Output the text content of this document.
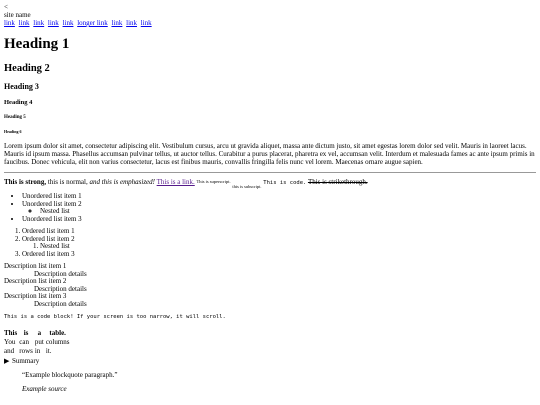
<
site name
link link link link link longer link link link link
Heading 1
Heading 2
Heading 3
Heading 4
Heading 5
Heading 6

Lorem ipsum dolor sit amet, consectetur adipiscing elit. Vestibulum cursus, arcu ut gravida aliquet, massa ante dictum justo, sit amet egestas lorem dolor sed velit. Mauris in laoreet lacus. Mauris id ipsum massa. Phasellus accumsan pulvinar tellus, ut auctor tellus. Curabitur a purus placerat, pharetra ex vel, accumsan velit. Interdum et malesuada fames ac ante ipsum primis in faucibus. Donec vehicula, elit non varius consectetur, lacus est finibus mauris, convallis fringilla felis nunc vel lorem. Maecenas ornare augue sapien.

This is strong, this is normal, and this is emphasized! This is a link. $^{This is superscript.}$ $_{this is subscript.}$ This is code. This is strikethrough.

• Unordered list item 1
• Unordered list item 2
◦ Nested list
• Unordered list item 3
1. Ordered list item 1
2. Ordered list item 2
1. Nested list
3. Ordered list item 3
Description list item 1
Description details
Description list item 2
Description details
Description list item 3
Description details
This is a code block! If your screen is too narrow, it will scroll.
This	is	a	table.
You	can	put	columns
and	rows	in	it.
▶ Summary

“Example blockquote paragraph.”

Example source
